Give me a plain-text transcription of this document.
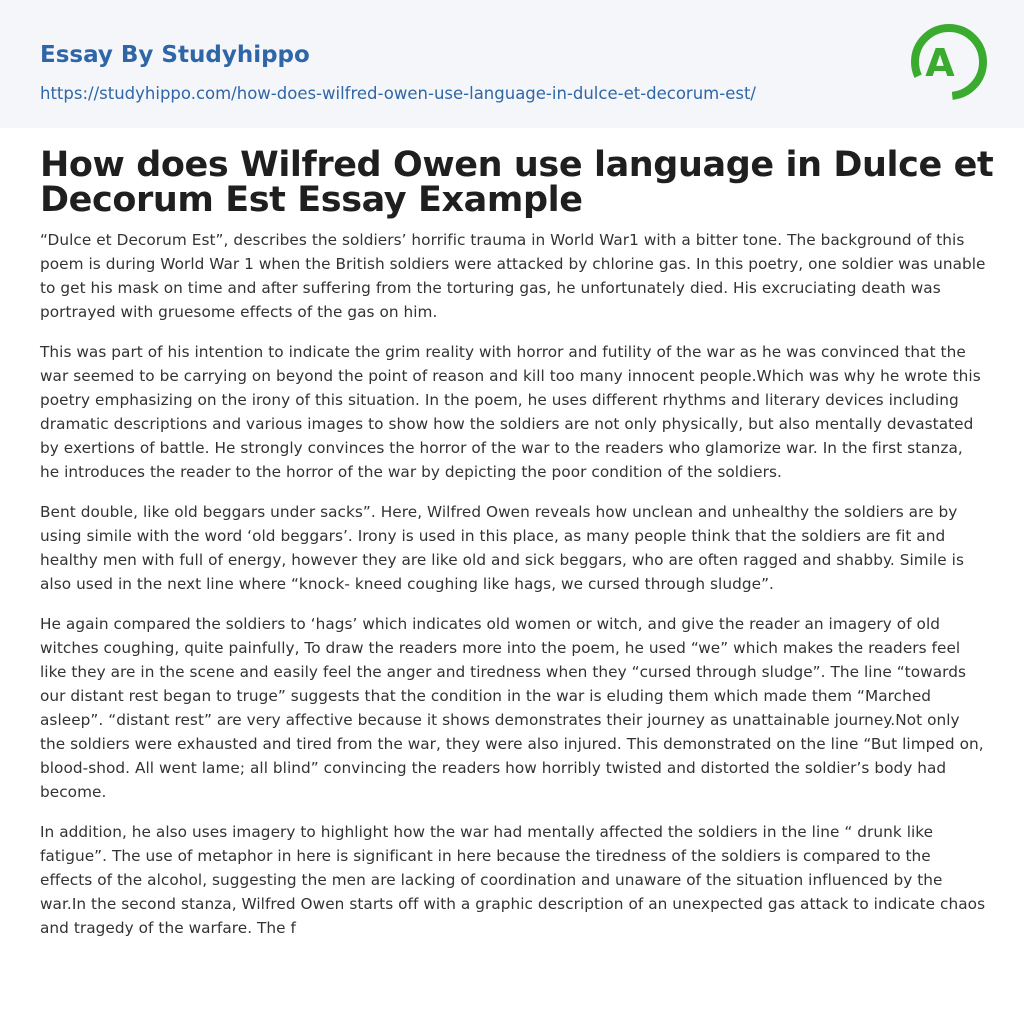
Essay By Studyhippo
https://studyhippo.com/how-does-wilfred-owen-use-language-in-dulce-et-decorum-est/
A
How does Wilfred Owen use language in Dulce et Decorum Est Essay Example

“Dulce et Decorum Est”, describes the soldiers’ horrific trauma in World War1 with a bitter tone. The background of this poem is during World War 1 when the British soldiers were attacked by chlorine gas. In this poetry, one soldier was unable to get his mask on time and after suffering from the torturing gas, he unfortunately died. His excruciating death was portrayed with gruesome effects of the gas on him.

This was part of his intention to indicate the grim reality with horror and futility of the war as he was convinced that the war seemed to be carrying on beyond the point of reason and kill too many innocent people.Which was why he wrote this poetry emphasizing on the irony of this situation. In the poem, he uses different rhythms and literary devices including dramatic descriptions and various images to show how the soldiers are not only physically, but also mentally devastated by exertions of battle. He strongly convinces the horror of the war to the readers who glamorize war. In the first stanza, he introduces the reader to the horror of the war by depicting the poor condition of the soldiers.

Bent double, like old beggars under sacks”. Here, Wilfred Owen reveals how unclean and unhealthy the soldiers are by using simile with the word ‘old beggars’. Irony is used in this place, as many people think that the soldiers are fit and healthy men with full of energy, however they are like old and sick beggars, who are often ragged and shabby. Simile is also used in the next line where “knock- kneed coughing like hags, we cursed through sludge”.

He again compared the soldiers to ‘hags’ which indicates old women or witch, and give the reader an imagery of old witches coughing, quite painfully, To draw the readers more into the poem, he used “we” which makes the readers feel like they are in the scene and easily feel the anger and tiredness when they “cursed through sludge”. The line “towards our distant rest began to truge” suggests that the condition in the war is eluding them which made them “Marched asleep”. “distant rest” are very affective because it shows demonstrates their journey as unattainable journey.Not only the soldiers were exhausted and tired from the war, they were also injured. This demonstrated on the line “But limped on, blood-shod. All went lame; all blind” convincing the readers how horribly twisted and distorted the soldier’s body had become.

In addition, he also uses imagery to highlight how the war had mentally affected the soldiers in the line “ drunk like fatigue”. The use of metaphor in here is significant in here because the tiredness of the soldiers is compared to the effects of the alcohol, suggesting the men are lacking of coordination and unaware of the situation influenced by the war.In the second stanza, Wilfred Owen starts off with a graphic description of an unexpected gas attack to indicate chaos and tragedy of the warfare. The f
